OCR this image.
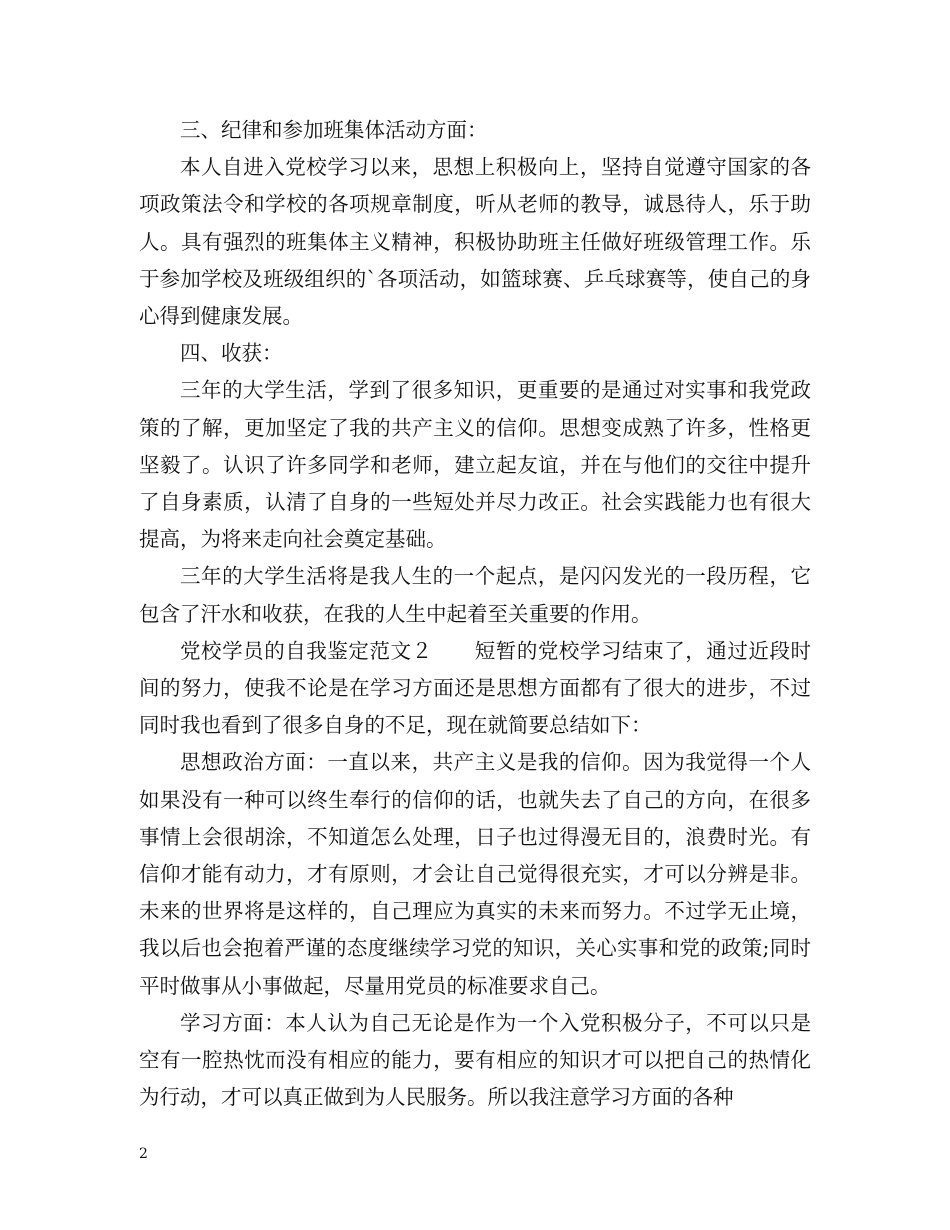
三、纪律和参加班集体活动方面：

本人自进入党校学习以来，思想上积极向上，坚持自觉遵守国家的各项政策法令和学校的各项规章制度，听从老师的教导，诚恳待人，乐于助人。具有强烈的班集体主义精神，积极协助班主任做好班级管理工作。乐于参加学校及班级组织的`各项活动，如篮球赛、乒乓球赛等，使自己的身心得到健康发展。

四、收获：

三年的大学生活，学到了很多知识，更重要的是通过对实事和我党政策的了解，更加坚定了我的共产主义的信仰。思想变成熟了许多，性格更坚毅了。认识了许多同学和老师，建立起友谊，并在与他们的交往中提升了自身素质，认清了自身的一些短处并尽力改正。社会实践能力也有很大提高，为将来走向社会奠定基础。

三年的大学生活将是我人生的一个起点，是闪闪发光的一段历程，它包含了汗水和收获，在我的人生中起着至关重要的作用。

党校学员的自我鉴定范文２　　短暂的党校学习结束了，通过近段时间的努力，使我不论是在学习方面还是思想方面都有了很大的进步，不过同时我也看到了很多自身的不足，现在就简要总结如下：

思想政治方面：一直以来，共产主义是我的信仰。因为我觉得一个人如果没有一种可以终生奉行的信仰的话，也就失去了自己的方向，在很多事情上会很胡涂，不知道怎么处理，日子也过得漫无目的，浪费时光。有信仰才能有动力，才有原则，才会让自己觉得很充实，才可以分辨是非。未来的世界将是这样的，自己理应为真实的未来而努力。不过学无止境，我以后也会抱着严谨的态度继续学习党的知识，关心实事和党的政策;同时平时做事从小事做起，尽量用党员的标准要求自己。

学习方面：本人认为自己无论是作为一个入党积极分子，不可以只是空有一腔热忱而没有相应的能力，要有相应的知识才可以把自己的热情化为行动，才可以真正做到为人民服务。所以我注意学习方面的各种

2
